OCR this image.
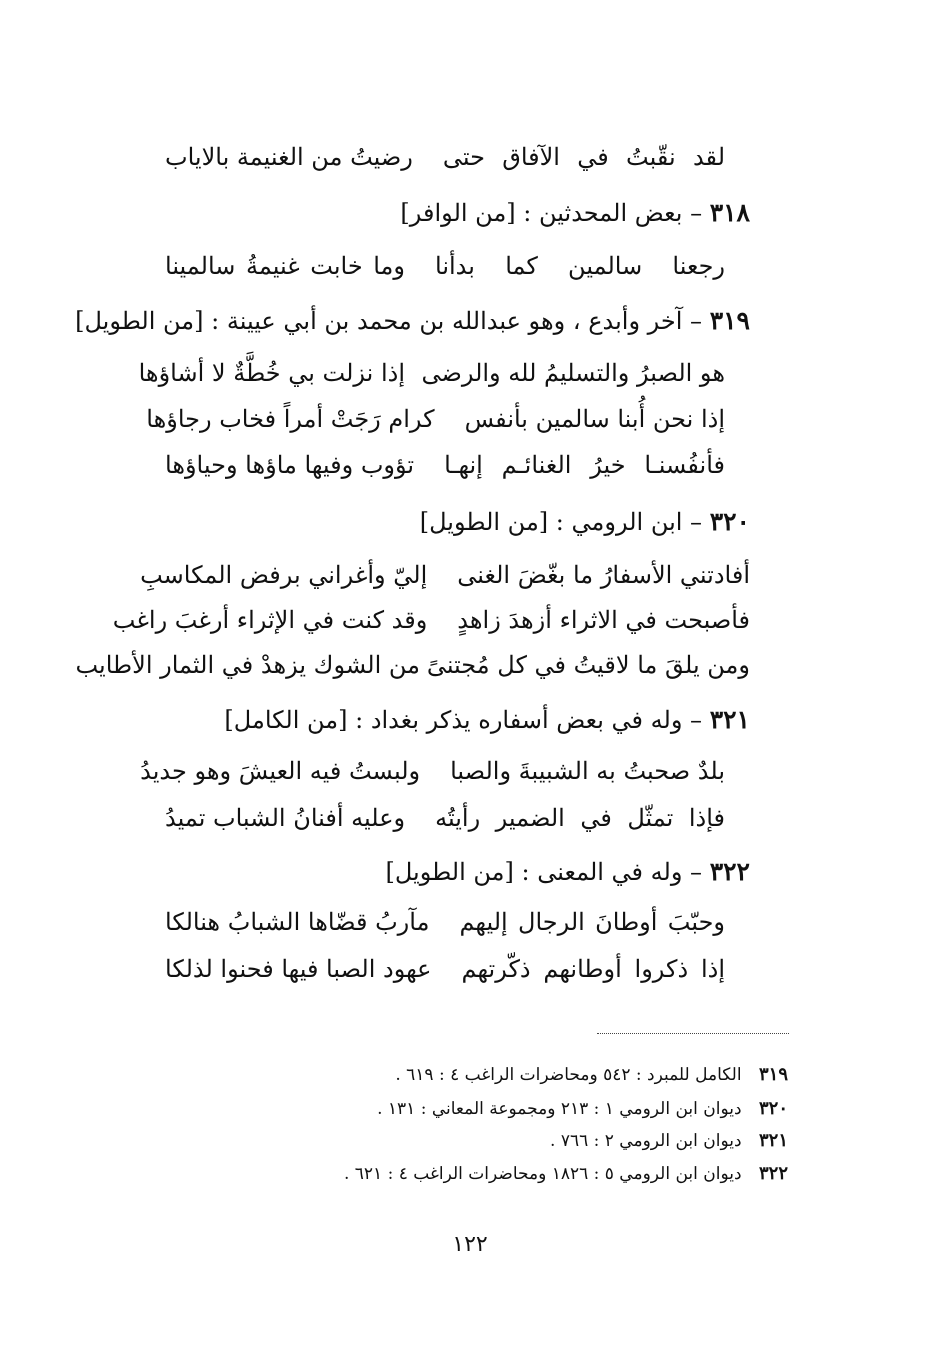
لقد نقّبتُ في الآفاق حتى
رضيتُ من الغنيمة بالاياب
٣١٨ – بعض المحدثين : [من الوافر]
رجعنا سالمين كما بدأنا
وما خابت غنيمةُ سالمينا
٣١٩ – آخر وأبدع ، وهو عبدالله بن محمد بن أبي عيينة : [من الطويل]
هو الصبرُ والتسليمُ لله والرضى
إذا نزلت بي خُطَّةٌ لا أشاؤها
إذا نحن أُبنا سالمين بأنفس
كرام رَجَتْ أمراً فخاب رجاؤها
فأنفُسنـا خيرُ الغنائـم إنهـا
تؤوب وفيها ماؤها وحياؤها
٣٢٠ – ابن الرومي : [من الطويل]
أفادتني الأسفارُ ما بغّضَ الغنى
إليّ وأغراني برفض المكاسبِ
فأصبحت في الاثراء أزهدَ زاهدٍ
وقد كنت في الإثراء أرغبَ راغب
ومن يلقَ ما لاقيتُ في كل مُجتنىً
من الشوك يزهدْ في الثمار الأطايب
٣٢١ – وله في بعض أسفاره يذكر بغداد : [من الكامل]
بلدٌ صحبتُ به الشبيبةَ والصبا
ولبستُ فيه العيشَ وهو جديدُ
فإذا تمثّل في الضمير رأيتُه
وعليه أفنانُ الشباب تميدُ
٣٢٢ – وله في المعنى : [من الطويل]
وحبّبَ أوطانَ الرجال إليهم
مآربُ قضّاها الشبابُ هنالكا
إذا ذكروا أوطانهم ذكّرتهم
عهود الصبا فيها فحنوا لذلكا
٣١٩ الكامل للمبرد : ٥٤٢ ومحاضرات الراغب ٤ : ٦١٩ .
٣٢٠ ديوان ابن الرومي ١ : ٢١٣ ومجموعة المعاني : ١٣١ .
٣٢١ ديوان ابن الرومي ٢ : ٧٦٦ .
٣٢٢ ديوان ابن الرومي ٥ : ١٨٢٦ ومحاضرات الراغب ٤ : ٦٢١ .
١٢٢
